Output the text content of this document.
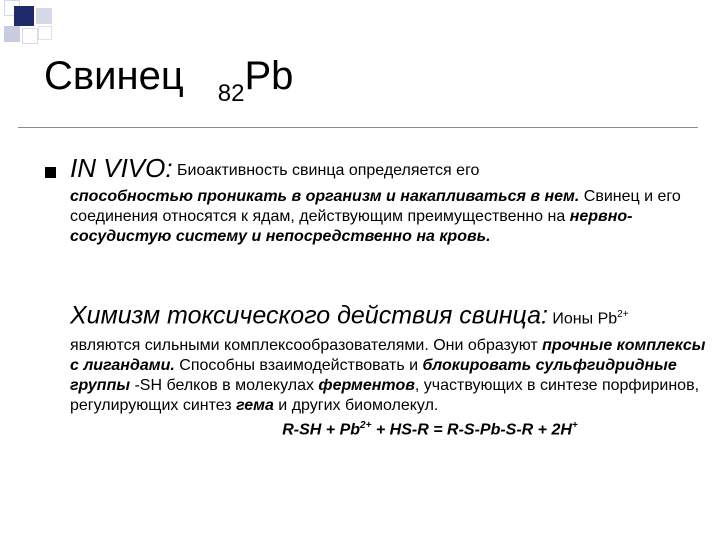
Свинец $_{82}$Pb
IN VIVO: Биоактивность свинца определяется его
способностью проникать в организм и накапливаться в нем. Свинец и его соединения относятся к ядам, действующим преимущественно на нервно-сосудистую систему и непосредственно на кровь.
Химизм токсического действия свинца: Ионы $Pb^{2+}$
являются сильными комплексообразователями. Они образуют прочные комплексы с лигандами. Способны взаимодействовать и блокировать сульфгидридные группы -SH белков в молекулах ферментов, участвующих в синтезе порфиринов, регулирующих синтез гема и других биомолекул.
$R-SH + Pb^{2+} + HS-R = R-S-Pb-S-R + 2H^+$
